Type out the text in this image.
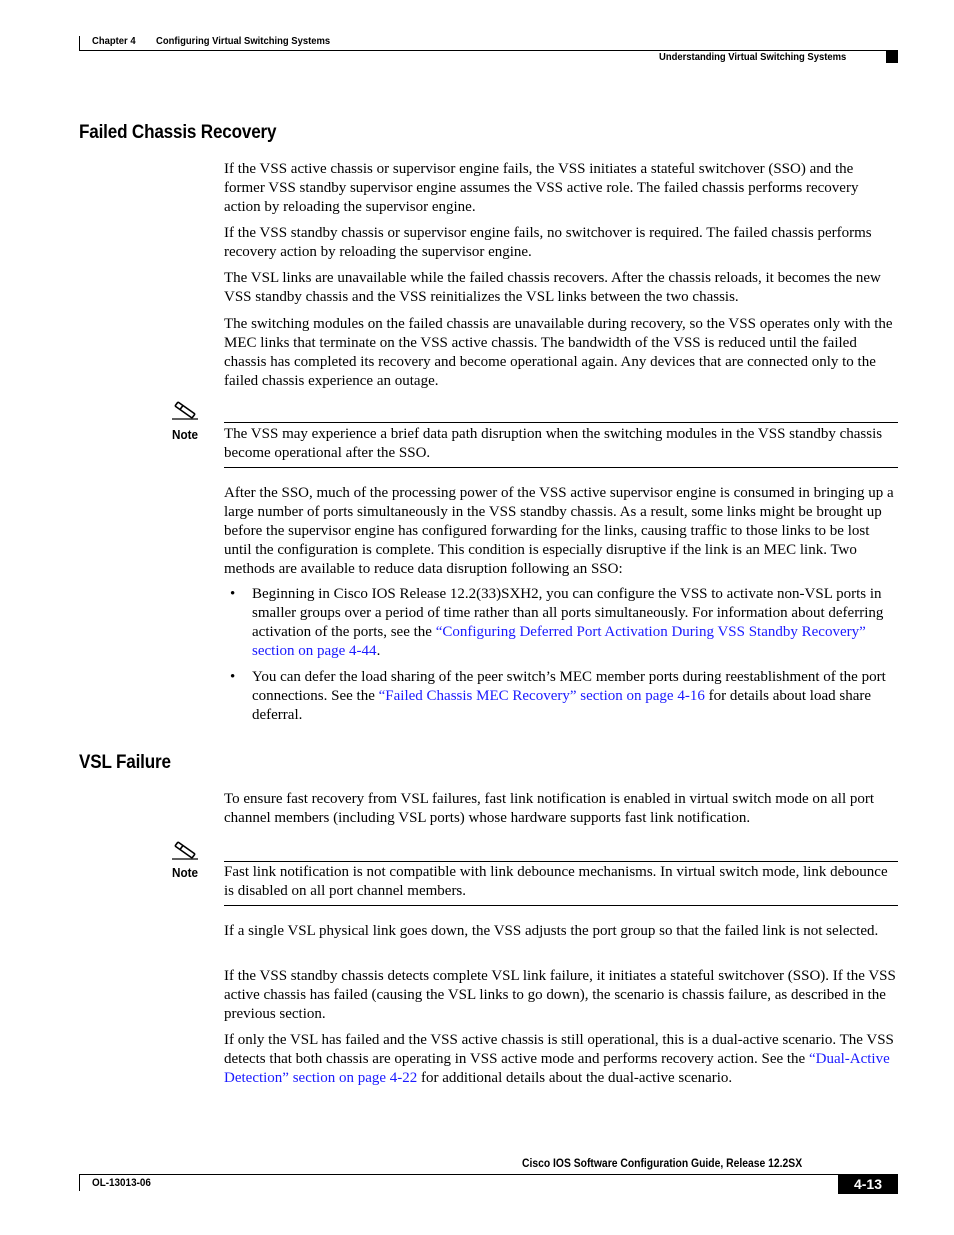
Chapter 4 Configuring Virtual Switching Systems
Understanding Virtual Switching Systems
Failed Chassis Recovery

If the VSS active chassis or supervisor engine fails, the VSS initiates a stateful switchover (SSO) and the former VSS standby supervisor engine assumes the VSS active role. The failed chassis performs recovery action by reloading the supervisor engine.

If the VSS standby chassis or supervisor engine fails, no switchover is required. The failed chassis performs recovery action by reloading the supervisor engine.

The VSL links are unavailable while the failed chassis recovers. After the chassis reloads, it becomes the new VSS standby chassis and the VSS reinitializes the VSL links between the two chassis.

The switching modules on the failed chassis are unavailable during recovery, so the VSS operates only with the MEC links that terminate on the VSS active chassis. The bandwidth of the VSS is reduced until the failed chassis has completed its recovery and become operational again. Any devices that are connected only to the failed chassis experience an outage.

Note The VSS may experience a brief data path disruption when the switching modules in the VSS standby chassis become operational after the SSO.

After the SSO, much of the processing power of the VSS active supervisor engine is consumed in bringing up a large number of ports simultaneously in the VSS standby chassis. As a result, some links might be brought up before the supervisor engine has configured forwarding for the links, causing traffic to those links to be lost until the configuration is complete. This condition is especially disruptive if the link is an MEC link. Two methods are available to reduce data disruption following an SSO:

• Beginning in Cisco IOS Release 12.2(33)SXH2, you can configure the VSS to activate non-VSL ports in smaller groups over a period of time rather than all ports simultaneously. For information about deferring activation of the ports, see the “Configuring Deferred Port Activation During VSS Standby Recovery” section on page 4-44.

• You can defer the load sharing of the peer switch’s MEC member ports during reestablishment of the port connections. See the “Failed Chassis MEC Recovery” section on page 4-16 for details about load share deferral.

VSL Failure

To ensure fast recovery from VSL failures, fast link notification is enabled in virtual switch mode on all port channel members (including VSL ports) whose hardware supports fast link notification.

Note Fast link notification is not compatible with link debounce mechanisms. In virtual switch mode, link debounce is disabled on all port channel members.

If a single VSL physical link goes down, the VSS adjusts the port group so that the failed link is not selected.

If the VSS standby chassis detects complete VSL link failure, it initiates a stateful switchover (SSO). If the VSS active chassis has failed (causing the VSL links to go down), the scenario is chassis failure, as described in the previous section.

If only the VSL has failed and the VSS active chassis is still operational, this is a dual-active scenario. The VSS detects that both chassis are operating in VSS active mode and performs recovery action. See the “Dual-Active Detection” section on page 4-22 for additional details about the dual-active scenario.

Cisco IOS Software Configuration Guide, Release 12.2SX
OL-13013-06	4-13
